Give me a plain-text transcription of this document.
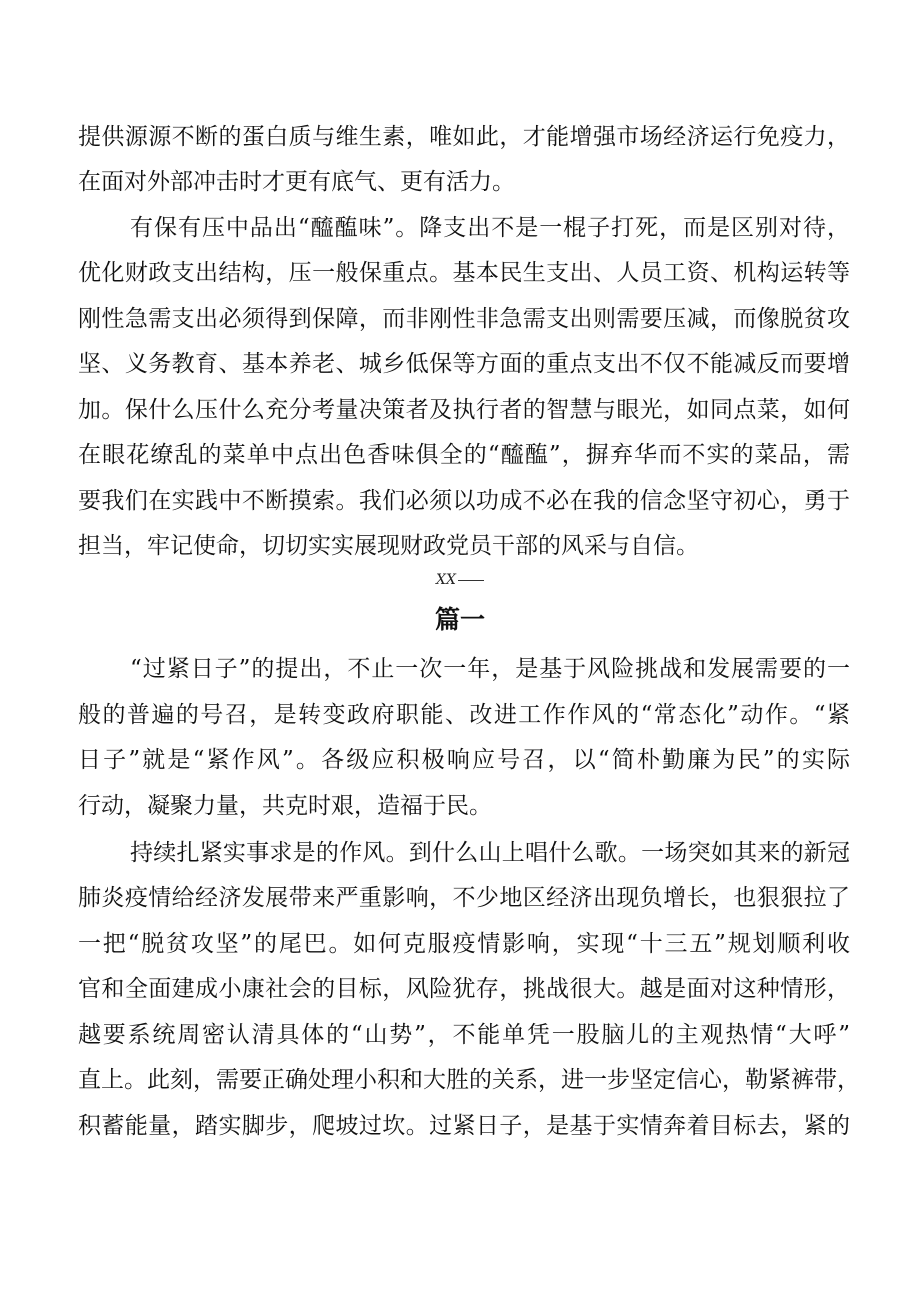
提供源源不断的蛋白质与维生素，唯如此，才能增强市场经济运行免疫力，
在面对外部冲击时才更有底气、更有活力。
有保有压中品出“醯醢味”。降支出不是一棍子打死，而是区别对待，
优化财政支出结构，压一般保重点。基本民生支出、人员工资、机构运转等
刚性急需支出必须得到保障，而非刚性非急需支出则需要压减，而像脱贫攻
坚、义务教育、基本养老、城乡低保等方面的重点支出不仅不能减反而要增
加。保什么压什么充分考量决策者及执行者的智慧与眼光，如同点菜，如何
在眼花缭乱的菜单中点出色香味俱全的“醯醢”，摒弃华而不实的菜品，需
要我们在实践中不断摸索。我们必须以功成不必在我的信念坚守初心，勇于
担当，牢记使命，切切实实展现财政党员干部的风采与自信。
XX
篇一
“过紧日子”的提出，不止一次一年，是基于风险挑战和发展需要的一
般的普遍的号召，是转变政府职能、改进工作作风的“常态化”动作。“紧
日子”就是“紧作风”。各级应积极响应号召，以“简朴勤廉为民”的实际
行动，凝聚力量，共克时艰，造福于民。
持续扎紧实事求是的作风。到什么山上唱什么歌。一场突如其来的新冠
肺炎疫情给经济发展带来严重影响，不少地区经济出现负增长，也狠狠拉了
一把“脱贫攻坚”的尾巴。如何克服疫情影响，实现“十三五”规划顺利收
官和全面建成小康社会的目标，风险犹存，挑战很大。越是面对这种情形，
越要系统周密认清具体的“山势”，不能单凭一股脑儿的主观热情“大呼”
直上。此刻，需要正确处理小积和大胜的关系，进一步坚定信心，勒紧裤带，
积蓄能量，踏实脚步，爬坡过坎。过紧日子，是基于实情奔着目标去，紧的
